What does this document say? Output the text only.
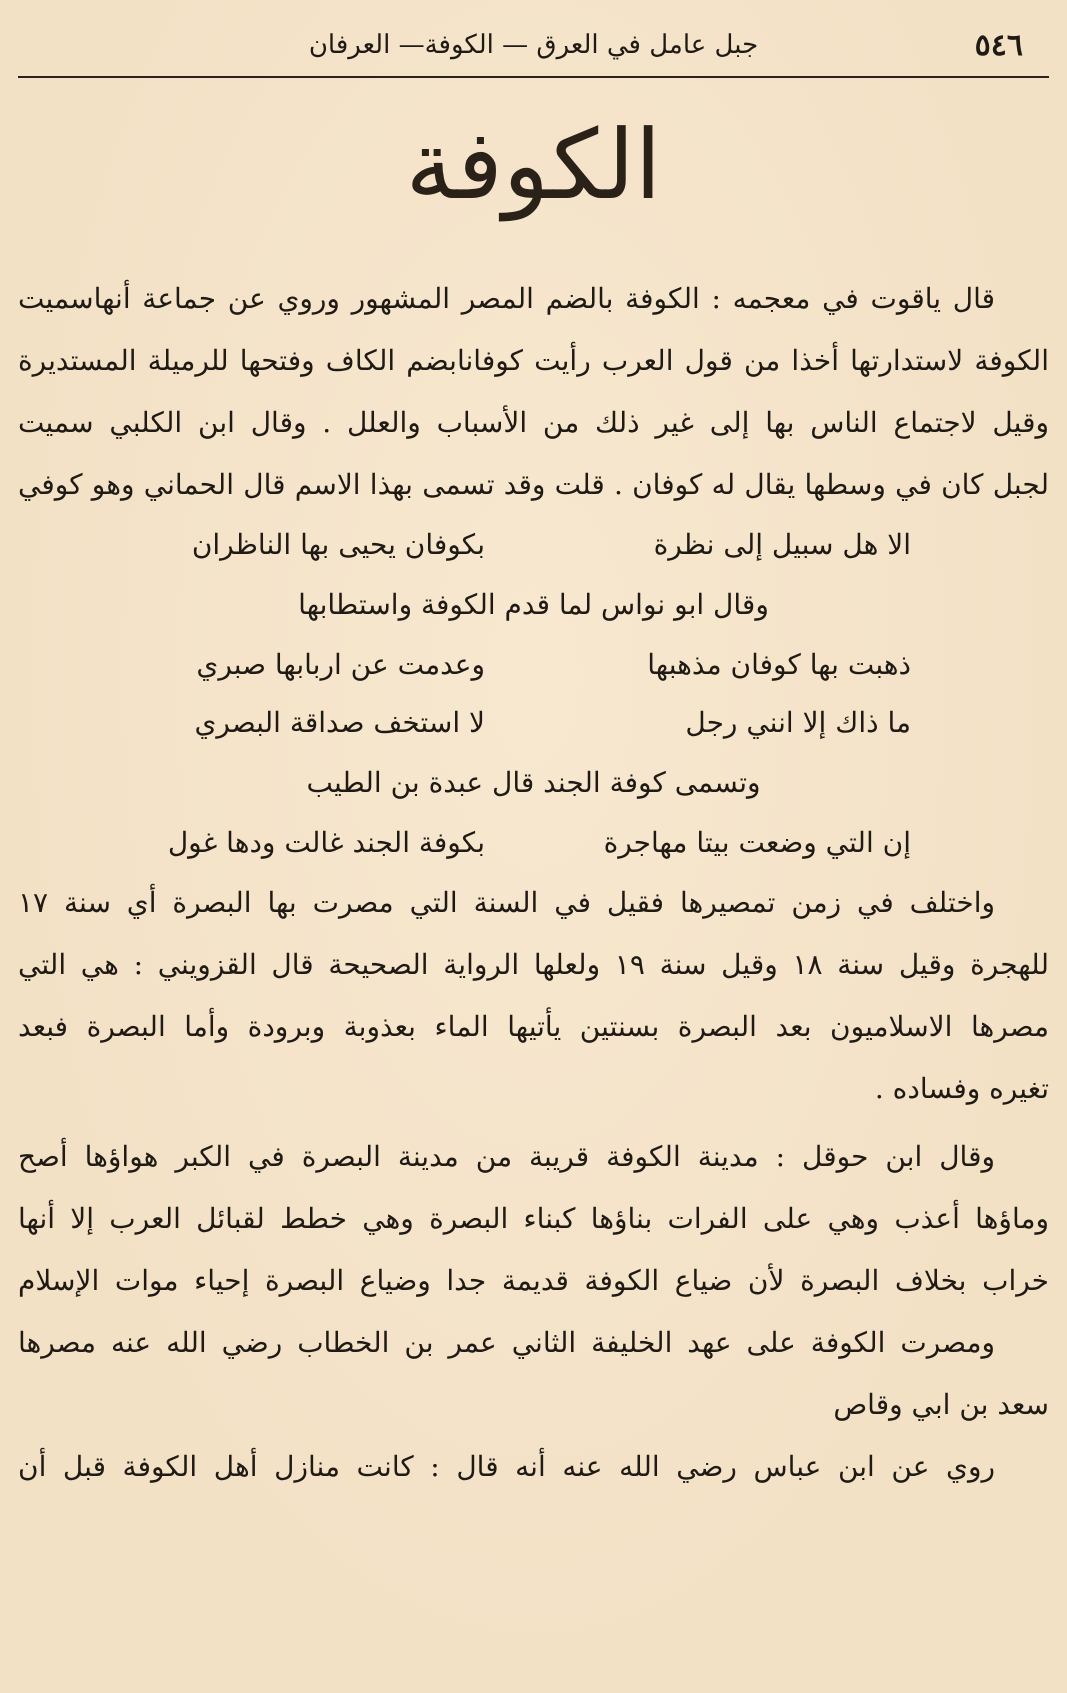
٥٤٦
جبل عامل في العرق — الكوفة— العرفان
الكوفة
قال ياقوت في معجمه : الكوفة بالضم المصر المشهور وروي عن جماعة أنهاسميت
الكوفة لاستدارتها أخذا من قول العرب رأيت كوفانابضم الكاف وفتحها للرميلة المستديرة
وقيل لاجتماع الناس بها إلى غير ذلك من الأسباب والعلل . وقال ابن الكلبي سميت
لجبل كان في وسطها يقال له كوفان . قلت وقد تسمى بهذا الاسم قال الحماني وهو كوفي
الا هل سبيل إلى نظرة
بكوفان يحيى بها الناظران
وقال ابو نواس لما قدم الكوفة واستطابها
ذهبت بها كوفان مذهبها
وعدمت عن اربابها صبري
ما ذاك إلا انني رجل
لا استخف صداقة البصري
وتسمى كوفة الجند قال عبدة بن الطيب
إن التي وضعت بيتا مهاجرة
بكوفة الجند غالت ودها غول
واختلف في زمن تمصيرها فقيل في السنة التي مصرت بها البصرة أي سنة ١٧
للهجرة وقيل سنة ١٨ وقيل سنة ١٩ ولعلها الرواية الصحيحة قال القزويني : هي التي
مصرها الاسلاميون بعد البصرة بسنتين يأتيها الماء بعذوبة وبرودة وأما البصرة فبعد
تغيره وفساده .
وقال ابن حوقل : مدينة الكوفة قريبة من مدينة البصرة في الكبر هواؤها أصح
وماؤها أعذب وهي على الفرات بناؤها كبناء البصرة وهي خطط لقبائل العرب إلا أنها
خراب بخلاف البصرة لأن ضياع الكوفة قديمة جدا وضياع البصرة إحياء موات الإسلام
ومصرت الكوفة على عهد الخليفة الثاني عمر بن الخطاب رضي الله عنه مصرها
سعد بن ابي وقاص
روي عن ابن عباس رضي الله عنه أنه قال : كانت منازل أهل الكوفة قبل أن
